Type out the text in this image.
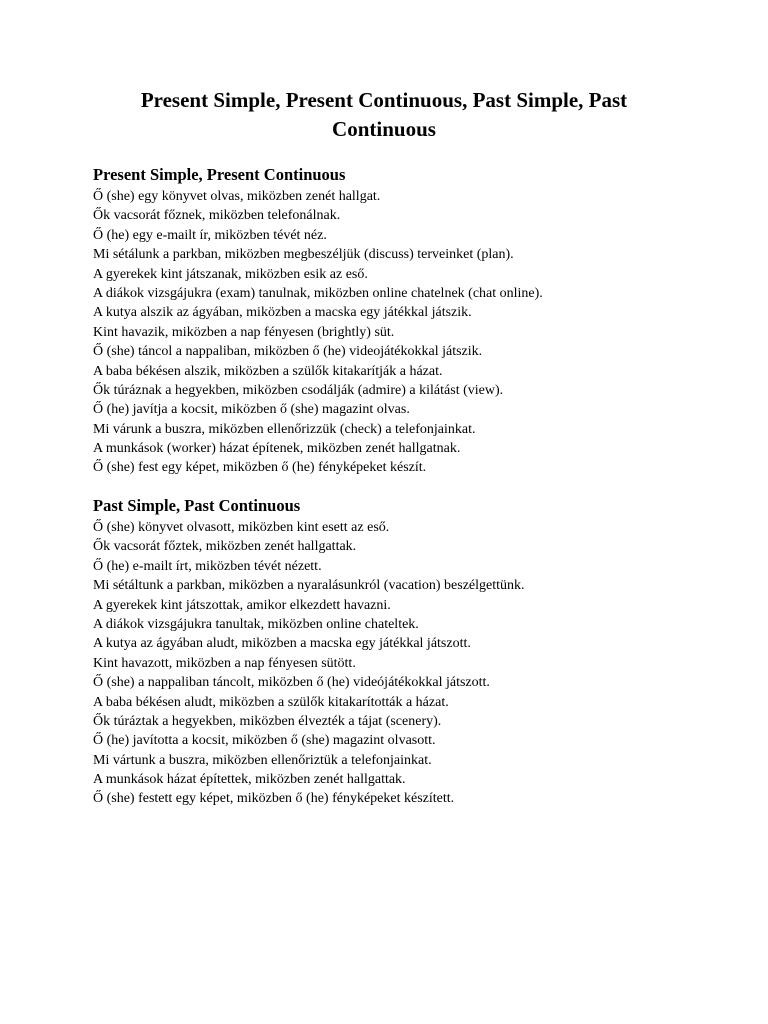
Present Simple, Present Continuous, Past Simple, Past Continuous
Present Simple, Present Continuous
Ő (she) egy könyvet olvas, miközben zenét hallgat.
Ők vacsorát főznek, miközben telefonálnak.
Ő (he) egy e-mailt ír, miközben tévét néz.
Mi sétálunk a parkban, miközben megbeszéljük (discuss) terveinket (plan).
A gyerekek kint játszanak, miközben esik az eső.
A diákok vizsgájukra (exam) tanulnak, miközben online chatelnek (chat online).
A kutya alszik az ágyában, miközben a macska egy játékkal játszik.
Kint havazik, miközben a nap fényesen (brightly) süt.
Ő (she) táncol a nappaliban, miközben ő (he) videojátékokkal játszik.
A baba békésen alszik, miközben a szülők kitakarítják a házat.
Ők túráznak a hegyekben, miközben csodálják (admire) a kilátást (view).
Ő (he) javítja a kocsit, miközben ő (she) magazint olvas.
Mi várunk a buszra, miközben ellenőrizzük (check) a telefonjainkat.
A munkások (worker) házat építenek, miközben zenét hallgatnak.
Ő (she) fest egy képet, miközben ő (he) fényképeket készít.
Past Simple, Past Continuous
Ő (she) könyvet olvasott, miközben kint esett az eső.
Ők vacsorát főztek, miközben zenét hallgattak.
Ő (he) e-mailt írt, miközben tévét nézett.
Mi sétáltunk a parkban, miközben a nyaralásunkról (vacation) beszélgettünk.
A gyerekek kint játszottak, amikor elkezdett havazni.
A diákok vizsgájukra tanultak, miközben online chateltek.
A kutya az ágyában aludt, miközben a macska egy játékkal játszott.
Kint havazott, miközben a nap fényesen sütött.
Ő (she) a nappaliban táncolt, miközben ő (he) videójátékokkal játszott.
A baba békésen aludt, miközben a szülők kitakarították a házat.
Ők túráztak a hegyekben, miközben élvezték a tájat (scenery).
Ő (he) javította a kocsit, miközben ő (she) magazint olvasott.
Mi vártunk a buszra, miközben ellenőriztük a telefonjainkat.
A munkások házat építettek, miközben zenét hallgattak.
Ő (she) festett egy képet, miközben ő (he) fényképeket készített.
